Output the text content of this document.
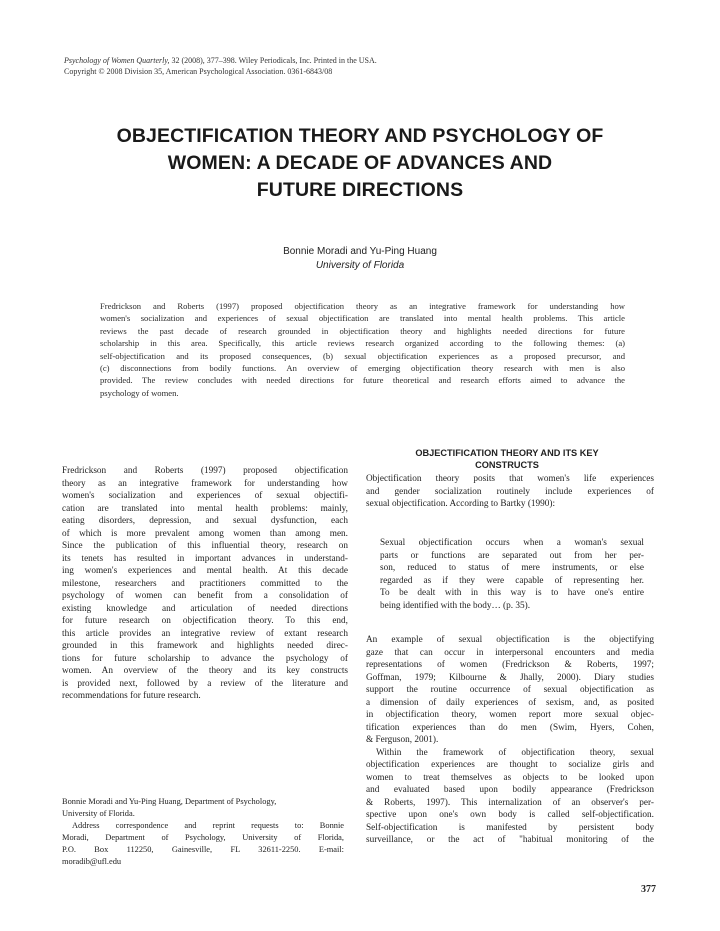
Psychology of Women Quarterly, 32 (2008), 377–398. Wiley Periodicals, Inc. Printed in the USA.
Copyright © 2008 Division 35, American Psychological Association. 0361-6843/08
OBJECTIFICATION THEORY AND PSYCHOLOGY OF
WOMEN: A DECADE OF ADVANCES AND
FUTURE DIRECTIONS
Bonnie Moradi and Yu-Ping Huang
University of Florida
Fredrickson and Roberts (1997) proposed objectification theory as an integrative framework for understanding how
women's socialization and experiences of sexual objectification are translated into mental health problems. This article
reviews the past decade of research grounded in objectification theory and highlights needed directions for future
scholarship in this area. Specifically, this article reviews research organized according to the following themes: (a)
self-objectification and its proposed consequences, (b) sexual objectification experiences as a proposed precursor, and
(c) disconnections from bodily functions. An overview of emerging objectification theory research with men is also
provided. The review concludes with needed directions for future theoretical and research efforts aimed to advance the
psychology of women.
Fredrickson and Roberts (1997) proposed objectification
theory as an integrative framework for understanding how
women's socialization and experiences of sexual objectifi-
cation are translated into mental health problems: mainly,
eating disorders, depression, and sexual dysfunction, each
of which is more prevalent among women than among men.
Since the publication of this influential theory, research on
its tenets has resulted in important advances in understand-
ing women's experiences and mental health. At this decade
milestone, researchers and practitioners committed to the
psychology of women can benefit from a consolidation of
existing knowledge and articulation of needed directions
for future research on objectification theory. To this end,
this article provides an integrative review of extant research
grounded in this framework and highlights needed direc-
tions for future scholarship to advance the psychology of
women. An overview of the theory and its key constructs
is provided next, followed by a review of the literature and
recommendations for future research.
OBJECTIFICATION THEORY AND ITS KEY
CONSTRUCTS
Objectification theory posits that women's life experiences
and gender socialization routinely include experiences of
sexual objectification. According to Bartky (1990):
Sexual objectification occurs when a woman's sexual
parts or functions are separated out from her per-
son, reduced to status of mere instruments, or else
regarded as if they were capable of representing her.
To be dealt with in this way is to have one's entire
being identified with the body… (p. 35).
An example of sexual objectification is the objectifying
gaze that can occur in interpersonal encounters and media
representations of women (Fredrickson & Roberts, 1997;
Goffman, 1979; Kilbourne & Jhally, 2000). Diary studies
support the routine occurrence of sexual objectification as
a dimension of daily experiences of sexism, and, as posited
in objectification theory, women report more sexual objec-
tification experiences than do men (Swim, Hyers, Cohen,
& Ferguson, 2001).
Within the framework of objectification theory, sexual
objectification experiences are thought to socialize girls and
women to treat themselves as objects to be looked upon
and evaluated based upon bodily appearance (Fredrickson
& Roberts, 1997). This internalization of an observer's per-
spective upon one's own body is called self-objectification.
Self-objectification is manifested by persistent body
surveillance, or the act of "habitual monitoring of the
Bonnie Moradi and Yu-Ping Huang, Department of Psychology,
University of Florida.
Address correspondence and reprint requests to: Bonnie
Moradi, Department of Psychology, University of Florida,
P.O. Box 112250, Gainesville, FL 32611-2250. E-mail:
moradib@ufl.edu
377
